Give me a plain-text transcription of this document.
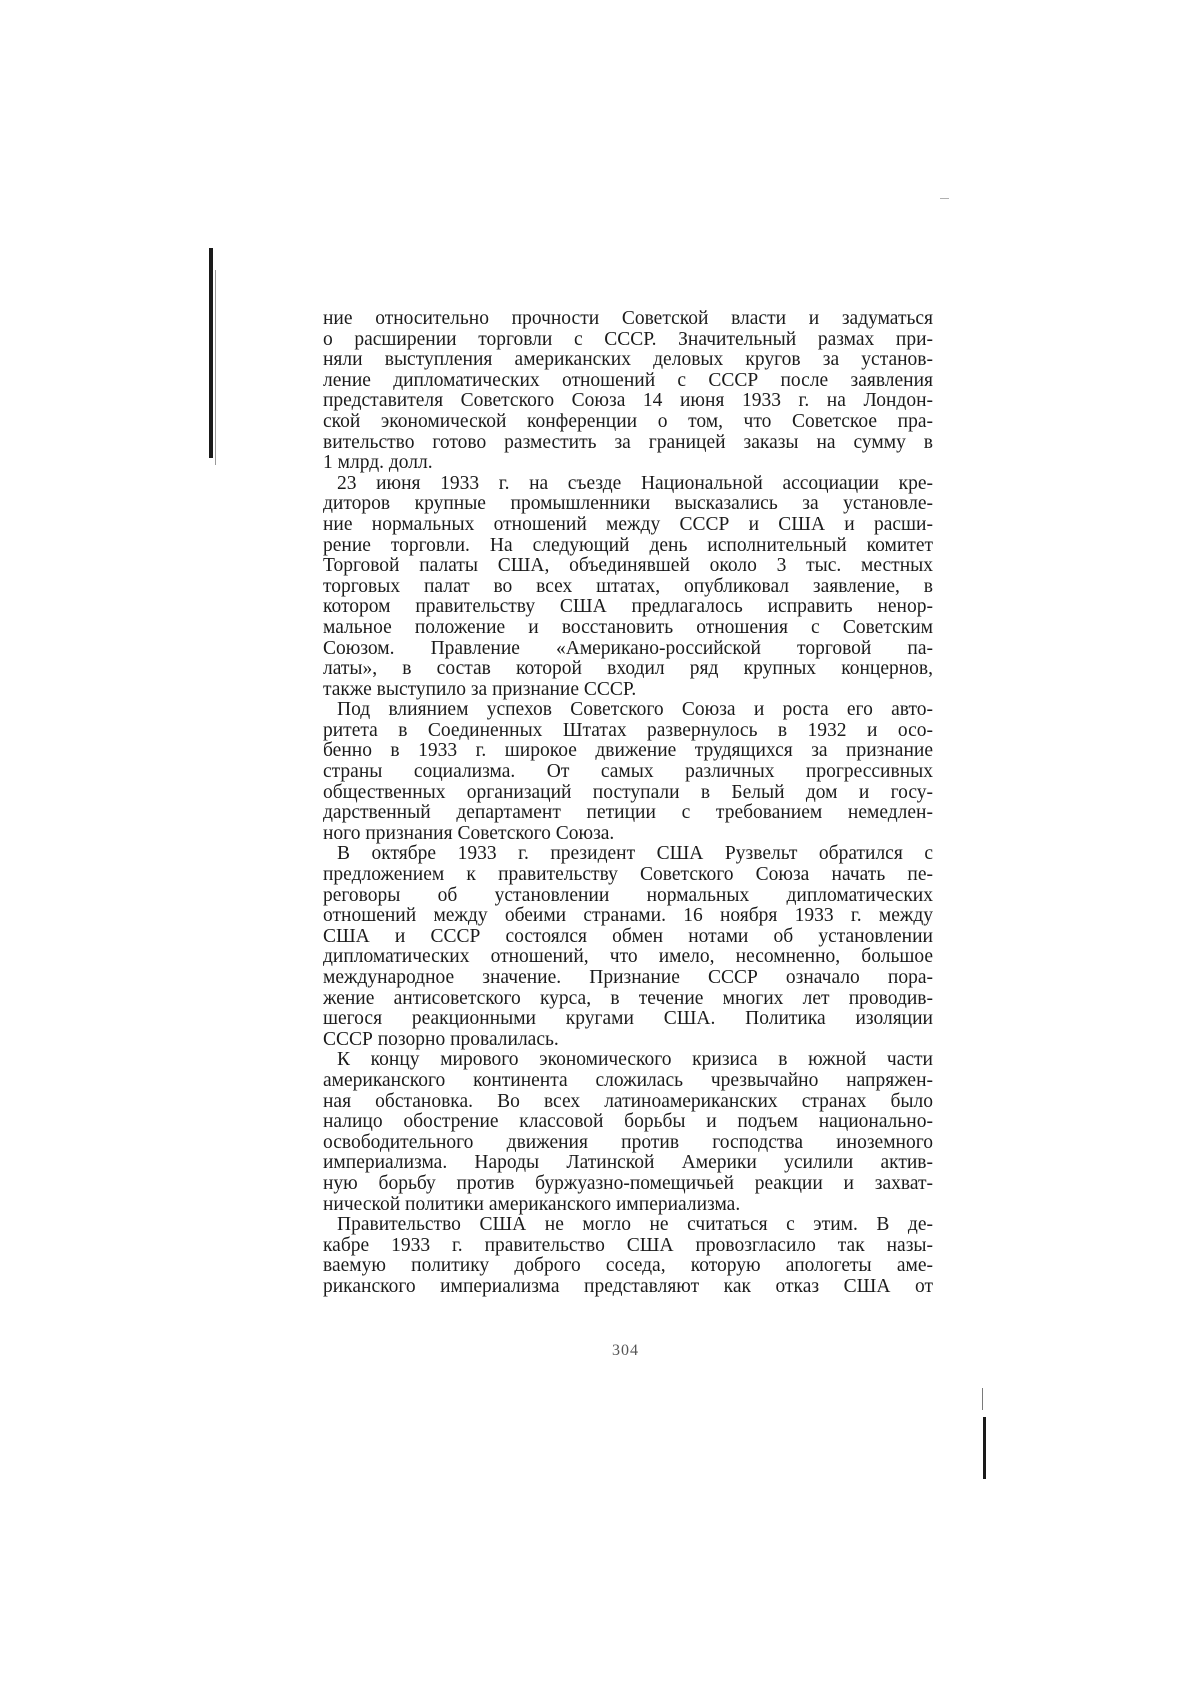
ние относительно прочности Советской власти и задуматься
о расширении торговли с СССР. Значительный размах при-
няли выступления американских деловых кругов за установ-
ление дипломатических отношений с СССР после заявления
представителя Советского Союза 14 июня 1933 г. на Лондон-
ской экономической конференции о том, что Советское пра-
вительство готово разместить за границей заказы на сумму в
1 млрд. долл.
23 июня 1933 г. на съезде Национальной ассоциации кре-
диторов крупные промышленники высказались за установле-
ние нормальных отношений между СССР и США и расши-
рение торговли. На следующий день исполнительный комитет
Торговой палаты США, объединявшей около 3 тыс. местных
торговых палат во всех штатах, опубликовал заявление, в
котором правительству США предлагалось исправить ненор-
мальное положение и восстановить отношения с Советским
Союзом. Правление «Американо-российской торговой па-
латы», в состав которой входил ряд крупных концернов,
также выступило за признание СССР.
Под влиянием успехов Советского Союза и роста его авто-
ритета в Соединенных Штатах развернулось в 1932 и осо-
бенно в 1933 г. широкое движение трудящихся за признание
страны социализма. От самых различных прогрессивных
общественных организаций поступали в Белый дом и госу-
дарственный департамент петиции с требованием немедлен-
ного признания Советского Союза.
В октябре 1933 г. президент США Рузвельт обратился с
предложением к правительству Советского Союза начать пе-
реговоры об установлении нормальных дипломатических
отношений между обеими странами. 16 ноября 1933 г. между
США и СССР состоялся обмен нотами об установлении
дипломатических отношений, что имело, несомненно, большое
международное значение. Признание СССР означало пора-
жение антисоветского курса, в течение многих лет проводив-
шегося реакционными кругами США. Политика изоляции
СССР позорно провалилась.
К концу мирового экономического кризиса в южной части
американского континента сложилась чрезвычайно напряжен-
ная обстановка. Во всех латиноамериканских странах было
налицо обострение классовой борьбы и подъем национально-
освободительного движения против господства иноземного
империализма. Народы Латинской Америки усилили актив-
ную борьбу против буржуазно-помещичьей реакции и захват-
нической политики американского империализма.
Правительство США не могло не считаться с этим. В де-
кабре 1933 г. правительство США провозгласило так назы-
ваемую политику доброго соседа, которую апологеты аме-
риканского империализма представляют как отказ США от
304
